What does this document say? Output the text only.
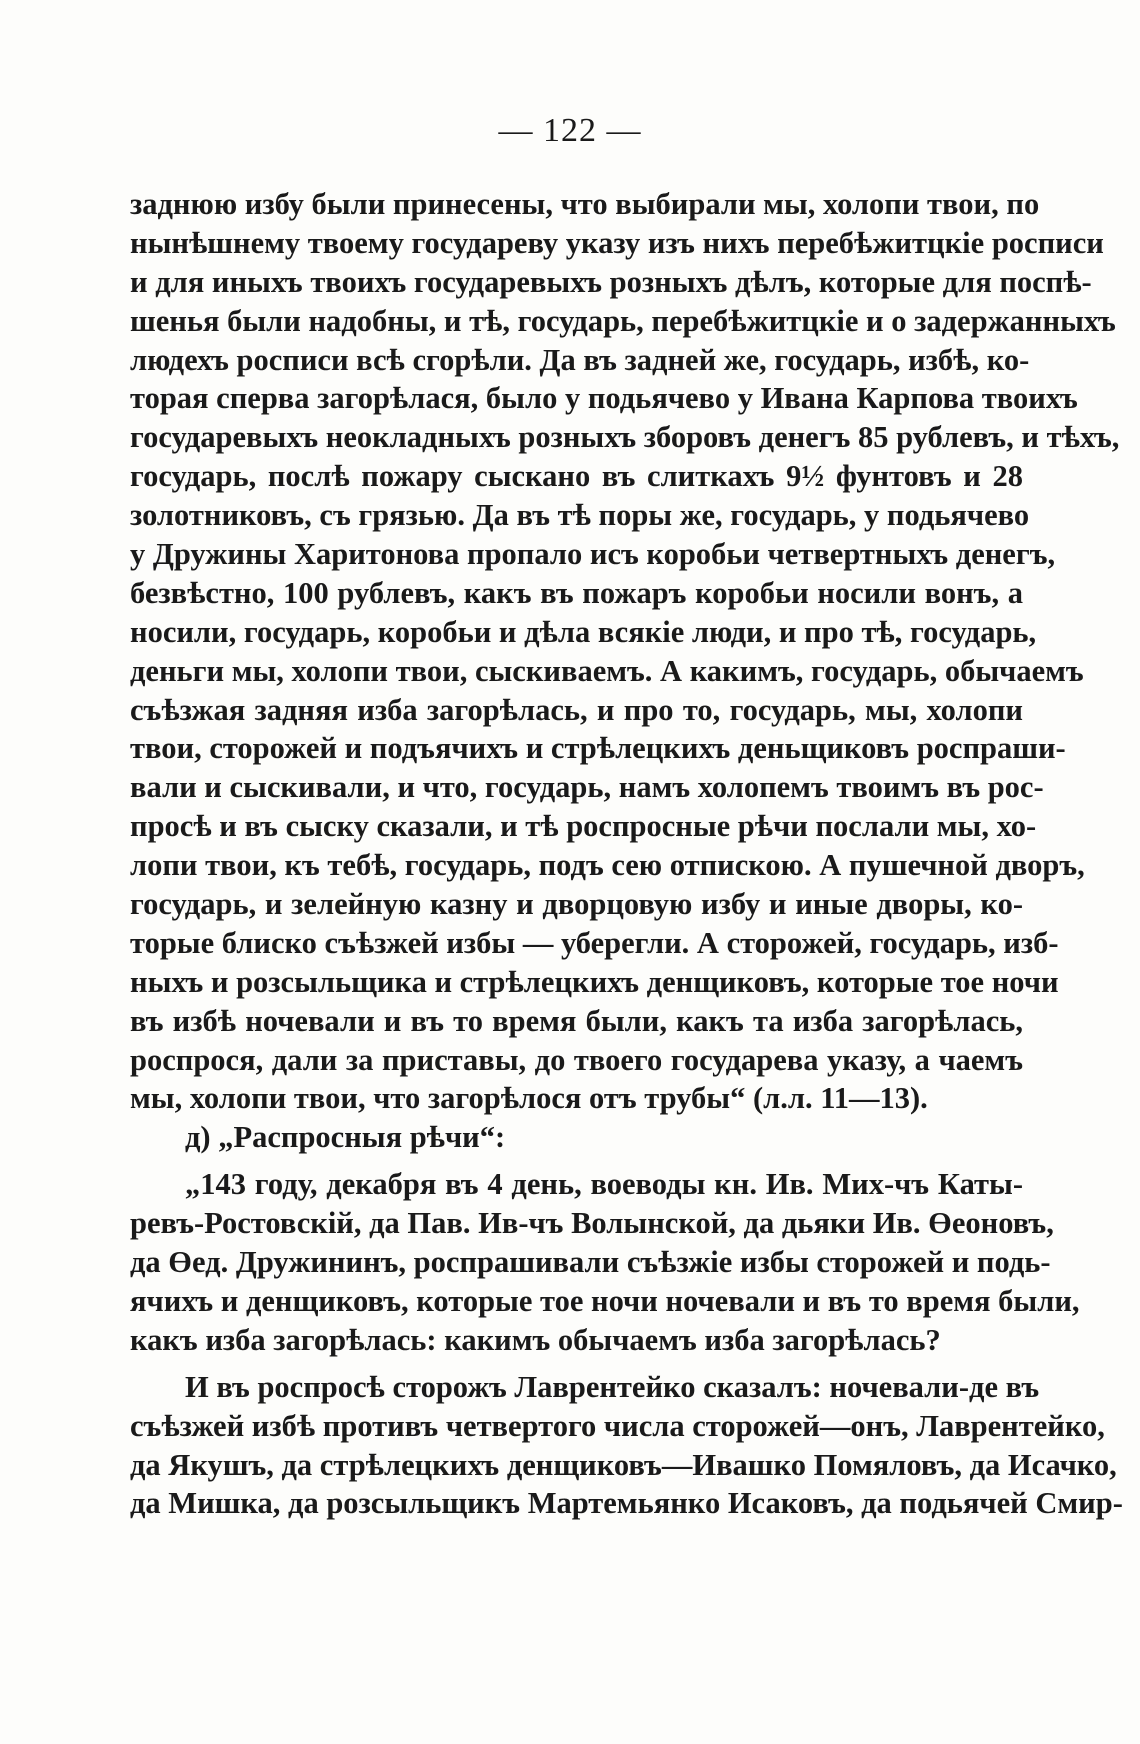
— 122 —
заднюю избу были принесены, что выбирали мы, холопи твои, по
нынѣшнему твоему государеву указу изъ нихъ перебѣжитцкіе росписи
и для иныхъ твоихъ государевыхъ розныхъ дѣлъ, которые для поспѣ-
шенья были надобны, и тѣ, государь, перебѣжитцкіе и о задержанныхъ
людехъ росписи всѣ сгорѣли. Да въ задней же, государь, избѣ, ко-
торая сперва загорѣлася, было у подьячево у Ивана Карпова твоихъ
государевыхъ неокладныхъ розныхъ зборовъ денегъ 85 рублевъ, и тѣхъ,
государь, послѣ пожару сыскано въ слиткахъ 9½ фунтовъ и 28
золотниковъ, съ грязью. Да въ тѣ поры же, государь, у подьячево
у Дружины Харитонова пропало исъ коробьи четвертныхъ денегъ,
безвѣстно, 100 рублевъ, какъ въ пожаръ коробьи носили вонъ, а
носили, государь, коробьи и дѣла всякіе люди, и про тѣ, государь,
деньги мы, холопи твои, сыскиваемъ. А какимъ, государь, обычаемъ
съѣзжая задняя изба загорѣлась, и про то, государь, мы, холопи
твои, сторожей и подъячихъ и стрѣлецкихъ деньщиковъ роспраши-
вали и сыскивали, и что, государь, намъ холопемъ твоимъ въ рос-
просѣ и въ сыску сказали, и тѣ роспросные рѣчи послали мы, хо-
лопи твои, къ тебѣ, государь, подъ сею отпискою. А пушечной дворъ,
государь, и зелейную казну и дворцовую избу и иные дворы, ко-
торые блиско съѣзжей избы — уберегли. А сторожей, государь, изб-
ныхъ и розсыльщика и стрѣлецкихъ денщиковъ, которые тое ночи
въ избѣ ночевали и въ то время были, какъ та изба загорѣлась,
роспрося, дали за приставы, до твоего государева указу, а чаемъ
мы, холопи твои, что загорѣлося отъ трубы“ (л.л. 11—13).
д) „Распросныя рѣчи“:
„143 году, декабря въ 4 день, воеводы кн. Ив. Мих-чъ Каты-
ревъ-Ростовскій, да Пав. Ив-чъ Волынской, да дьяки Ив. Өеоновъ,
да Өед. Дружининъ, роспрашивали съѣзжіе избы сторожей и подь-
ячихъ и денщиковъ, которые тое ночи ночевали и въ то время были,
какъ изба загорѣлась: какимъ обычаемъ изба загорѣлась?
И въ роспросѣ сторожъ Лаврентейко сказалъ: ночевали-де въ
съѣзжей избѣ противъ четвертого числа сторожей—онъ, Лаврентейко,
да Якушъ, да стрѣлецкихъ денщиковъ—Ивашко Помяловъ, да Исачко,
да Мишка, да розсыльщикъ Мартемьянко Исаковъ, да подьячей Смир-
